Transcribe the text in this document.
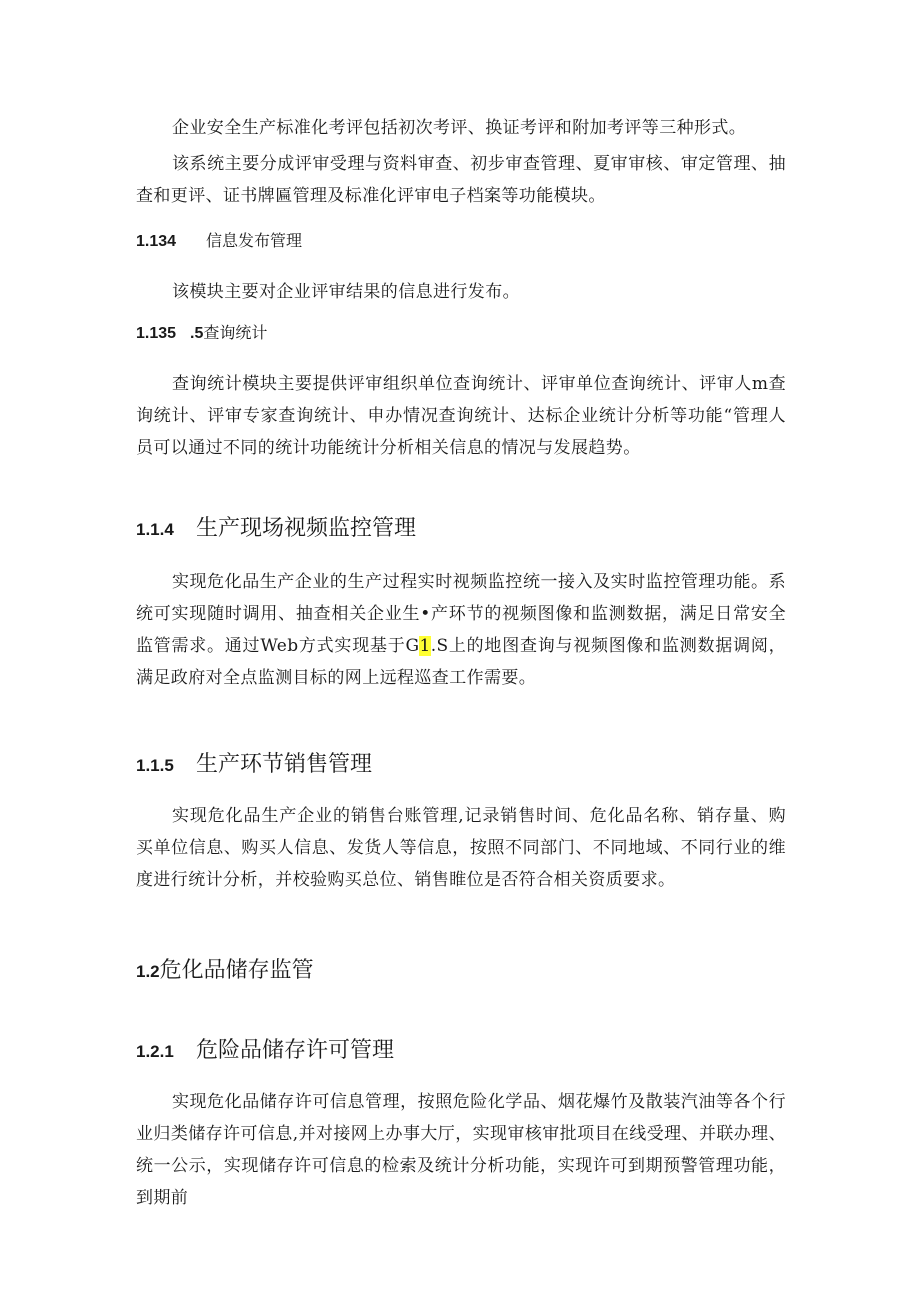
企业安全生产标准化考评包括初次考评、换证考评和附加考评等三种形式。

该系统主要分成评审受理与资料审查、初步审查管理、夏审审核、审定管理、抽查和更评、证书牌匾管理及标准化评审电子档案等功能模块。

1.134	信息发布管理

该模块主要对企业评审结果的信息进行发布。

1.135 .5 查询统计

查询统计模块主要提供评审组织单位查询统计、评审单位查询统计、评审人m查询统计、评审专家查询统计、申办情况查询统计、达标企业统计分析等功能“管理人员可以通过不同的统计功能统计分析相关信息的情况与发展趋势。

1.1.4	生产现场视频监控管理

实现危化品生产企业的生产过程实时视频监控统一接入及实时监控管理功能。系统可实现随时调用、抽查相关企业生•产环节的视频图像和监测数据，满足日常安全监管需求。通过Web方式实现基于G1.S上的地图查询与视频图像和监测数据调阅，满足政府对全点监测目标的网上远程巡查工作需要。

1.1.5	生产环节销售管理

实现危化品生产企业的销售台账管理,记录销售时间、危化品名称、销存量、购买单位信息、购买人信息、发货人等信息，按照不同部门、不同地域、不同行业的维度进行统计分析，并校验购买总位、销售睢位是否符合相关资质要求。

1.2 危化品储存监管
1.2.1	危险品储存许可管理

实现危化品储存许可信息管理，按照危险化学品、烟花爆竹及散装汽油等各个行业归类储存许可信息,并对接网上办事大厅，实现审核审批项目在线受理、并联办理、统一公示，实现储存许可信息的检索及统计分析功能，实现许可到期预警管理功能，到期前
